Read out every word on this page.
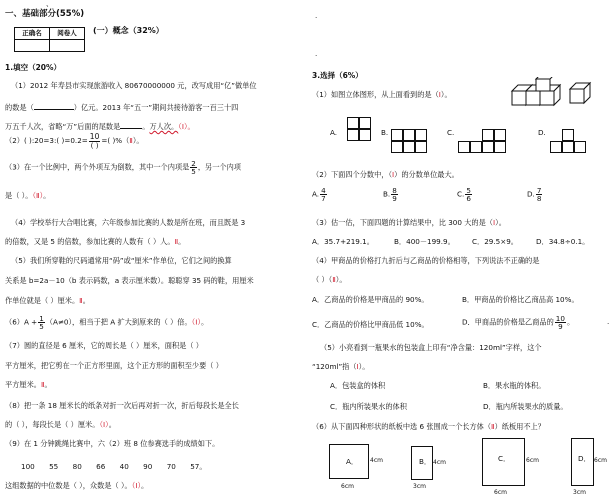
、
一、基础部分(55%)
正确名	阅卷人
	(一）概念（32%）
1.填空（20%）
（1）2012 年寿县市实现旅游收入 80670000000 元，改写成用“亿”做单位
的数是（	）亿元。2013 年“五一”期间共接待游客一百三十四
万五千人次，省略“万”后面的尾数是	。万人次。（Ⅰ）。
（2）( ):20=3:( )$=0.2= \frac{10}{( )}$ =( )%（Ⅱ）。
（3）在一个比例中，两个外项互为倒数，其中一个内项是 $\frac{2}{5}$ ，另一个内项
是（ ）。（Ⅱ）。
（4）学校举行大合唱比赛，六年级参加比赛的人数是所在班，而且既是 3
的倍数，又是 5 的倍数，参加比赛的人数有（ ）人。Ⅱ。
（5）我们所穿鞋的尺码通常用“码”或“厘米”作单位，它们之间的换算
关系是 b=2a－10（b 表示码数，a 表示厘米数）。聪聪穿 35 码的鞋，用厘米
作单位就是（ ）厘米。Ⅱ。
$(6)A + \frac{1}{5} (A\ne 0)$，相当于把 A 扩大到原来的（ ）倍。（Ⅰ）。
（7）圆的直径是 6 厘米，它的周长是（ ）厘米，面积是（ ）
平方厘米，把它剪在一个正方形里面，这个正方形的面积至少要（ ）
平方厘米。Ⅱ。
（8）把一条 18 厘米长的纸条对折一次后再对折一次，折后每段长是全长
的（ ），每段长是（ ）厘米。（Ⅰ）。
（9）在 1 分钟跳绳比赛中，六（2）班 8 位参赛选手的成绩如下。
100　　55　　80　　66　　40　　90　　70　　57。
这组数据的中位数是（ ），众数是（ ）。（Ⅰ）。
·
·
·
3.选择（6%）
（1）如图立体图形，从上面看到的是（Ⅰ）。
A.	B.	C.	D.
（2）下面四个分数中，（Ⅰ）的分数单位最大。
A. $\frac{4}{7}$	B. $\frac{8}{9}$	C. $\frac{5}{6}$	D. $\frac{7}{8}$
（3）估一估，下面四题的计算结果中，比 300 大的是（Ⅰ）。
A．35.7+219.1。	B．400－199.9。 C．29.5×9。	D．34.8÷0.1。
（4）甲商品的价格打九折后与乙商品的价格相等，下列说法不正确的是
（ ）（Ⅱ）。
A．乙商品的价格是甲商品的 90%。	B．甲商品的价格比乙商品高 10%。
C．乙商品的价格比甲商品低 10%。	D．甲商品的价格是乙商品的 $\frac{10}{9}$ 。
（5）小亮看到一瓶果水的包装盒上印有“净含量：120ml”字样，这个
“120ml”指（Ⅰ）。
A．包装盒的体积	B．果水瓶的体积。
C．瓶内所装果水的体积	D．瓶内所装果水的质量。
（6）从下面四种形状的纸板中选 6 张围成一个长方体（Ⅱ）纸板用不上？
A． 4cm
6cm
B． 4cm
3cm
C．	6cm
6cm
D． 6cm
3cm
